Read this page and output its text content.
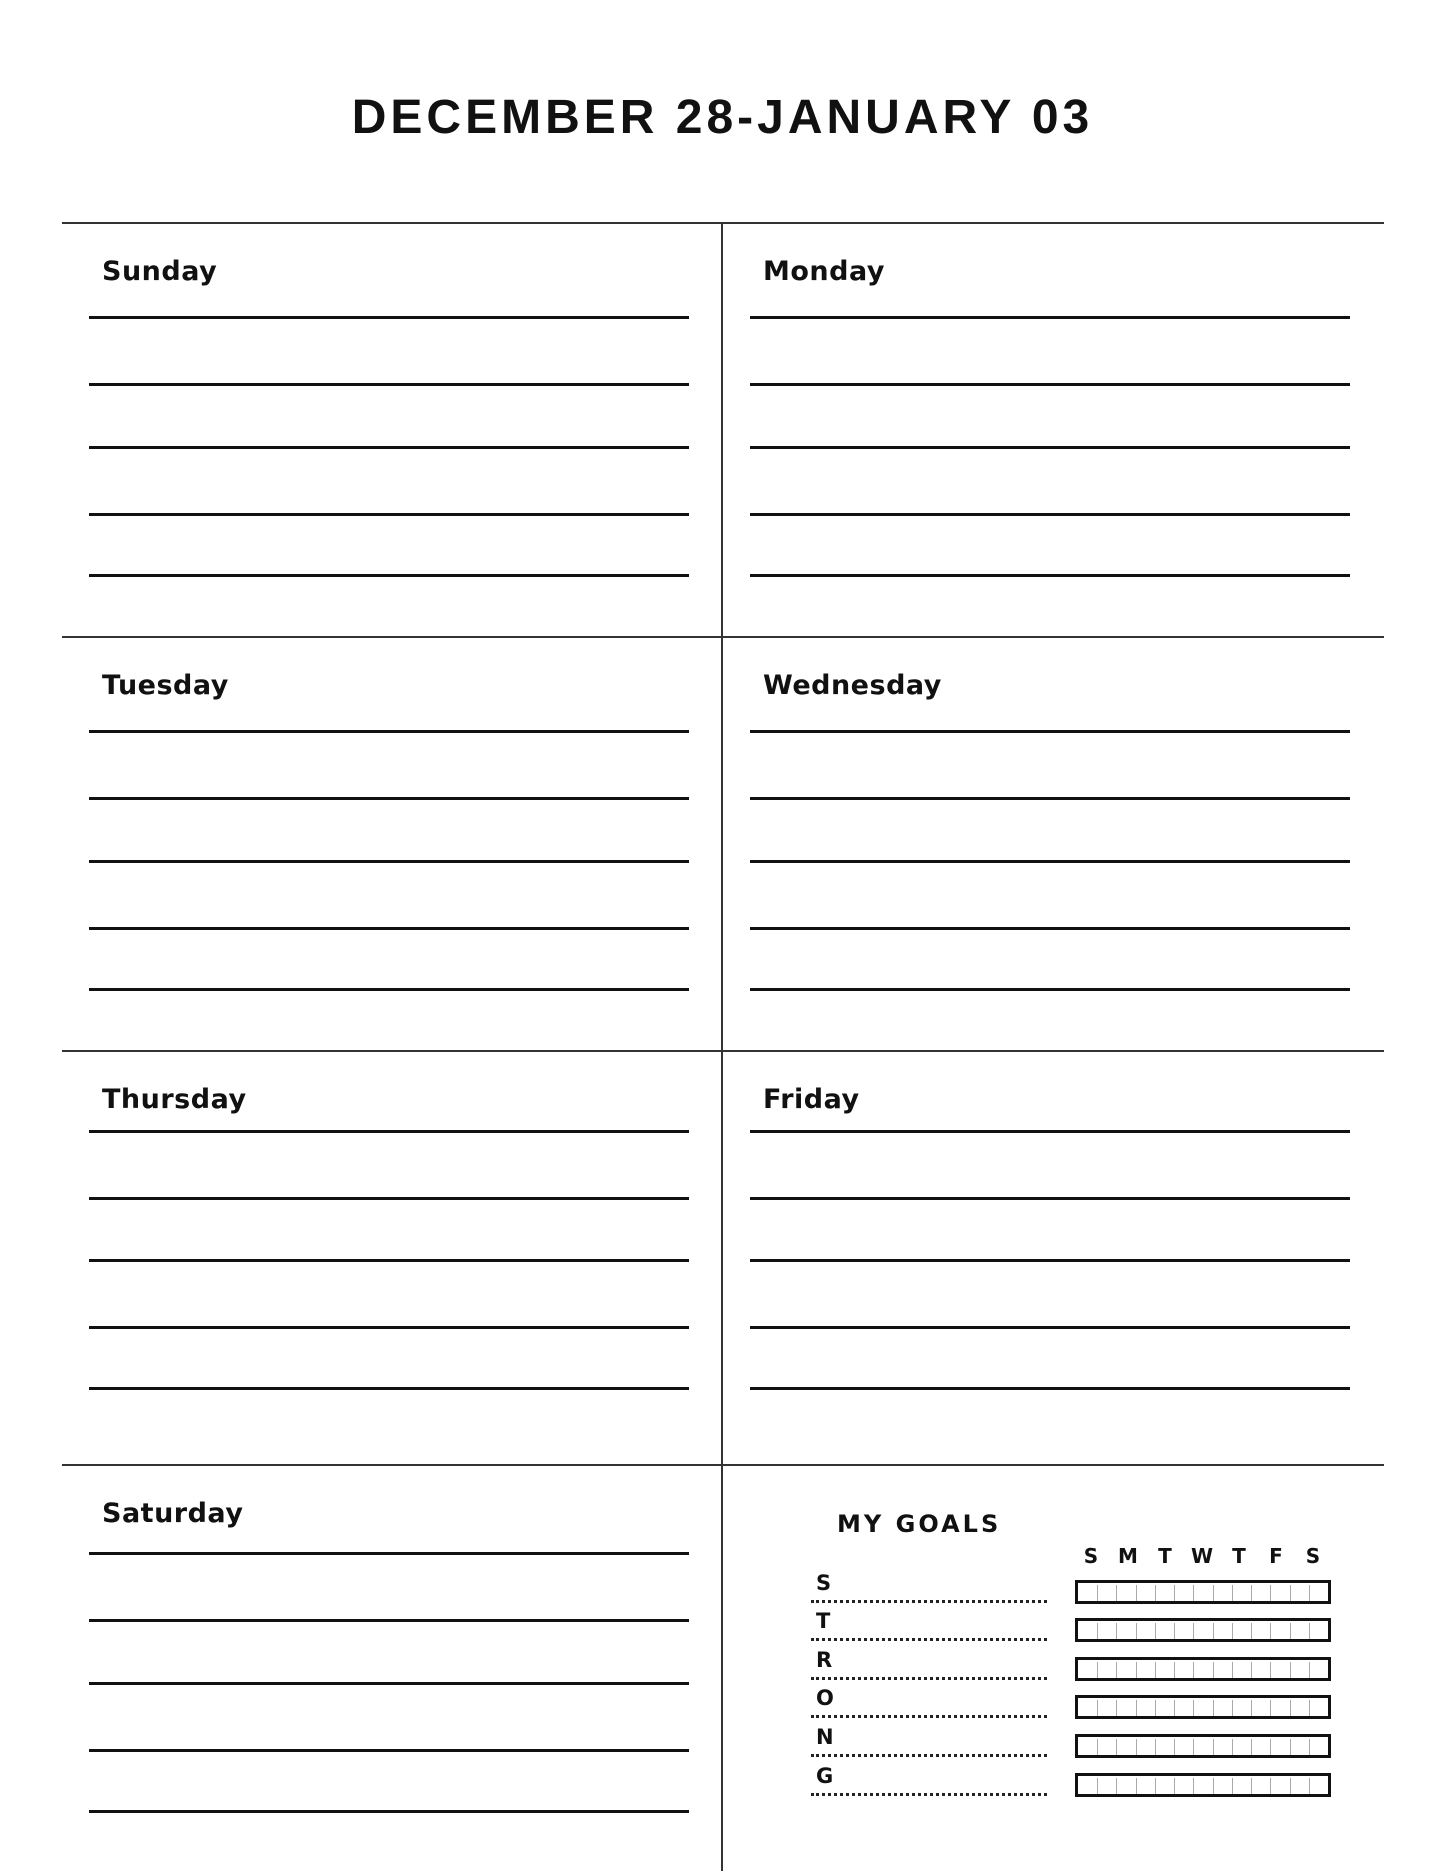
DECEMBER 28-JANUARY 03
Sunday	Monday
Tuesday	Wednesday
Thursday	Friday
Saturday	MY GOALS
S M T W T F S
S
T
R
O
N
G
